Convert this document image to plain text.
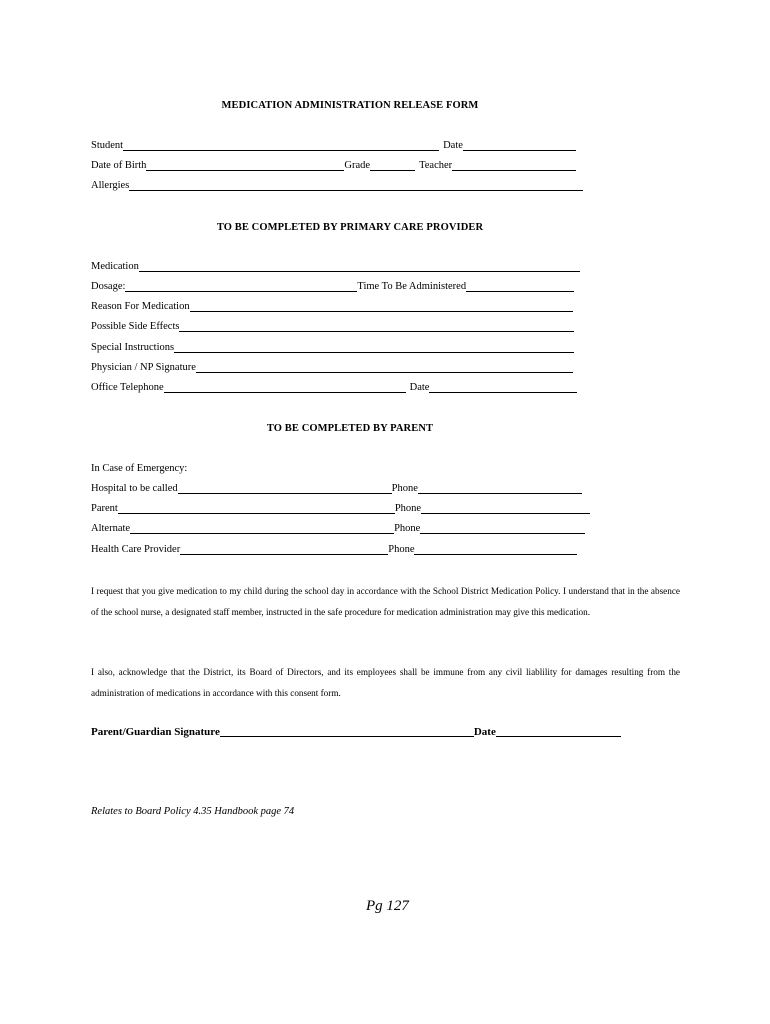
MEDICATION ADMINISTRATION RELEASE FORM
Student	Date
Date of Birth	Grade	Teacher
Allergies
TO BE COMPLETED BY PRIMARY CARE PROVIDER
Medication
Dosage:	Time To Be Administered
Reason For Medication
Possible Side Effects
Special Instructions
Physician / NP Signature
Office Telephone	Date
TO BE COMPLETED BY PARENT
In Case of Emergency:
Hospital to be called	Phone
Parent	Phone
Alternate	Phone
Health Care Provider	Phone
I request that you give medication to my child during the school day in accordance with the School District Medication Policy. I understand that in the absence of the school nurse, a designated staff member, instructed in the safe procedure for medication administration may give this medication.
I also, acknowledge that the District, its Board of Directors, and its employees shall be immune from any civil liablility for damages resulting from the administration of medications in accordance with this consent form.
Parent/Guardian Signature	Date
Relates to Board Policy 4.35 Handbook page 74
Pg 127
